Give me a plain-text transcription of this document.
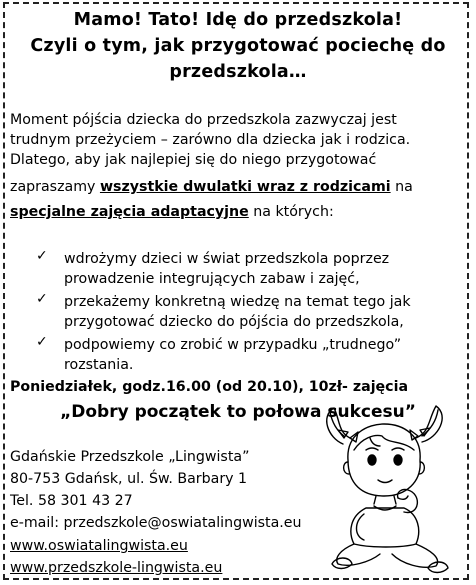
Mamo! Tato! Idę do przedszkola!
Czyli o tym, jak przygotować pociechę do
przedszkola…
Moment pójścia dziecka do przedszkola zazwyczaj jest
trudnym przeżyciem – zarówno dla dziecka jak i rodzica.
Dlatego, aby jak najlepiej się do niego przygotować
zapraszamy wszystkie dwulatki wraz z rodzicami na
specjalne zajęcia adaptacyjne na których:
✓ wdrożymy dzieci w świat przedszkola poprzez
prowadzenie integrujących zabaw i zajęć,
✓ przekażemy konkretną wiedzę na temat tego jak
przygotować dziecko do pójścia do przedszkola,
✓ podpowiemy co zrobić w przypadku „trudnego”
rozstania.
Poniedziałek, godz.16.00 (od 20.10), 10zł- zajęcia
„Dobry początek to połowa sukcesu”
Gdańskie Przedszkole „Lingwista”
80-753 Gdańsk, ul. Św. Barbary 1
Tel. 58 301 43 27
e-mail: przedszkole@oswiatalingwista.eu
www.oswiatalingwista.eu
www.przedszkole-lingwista.eu
